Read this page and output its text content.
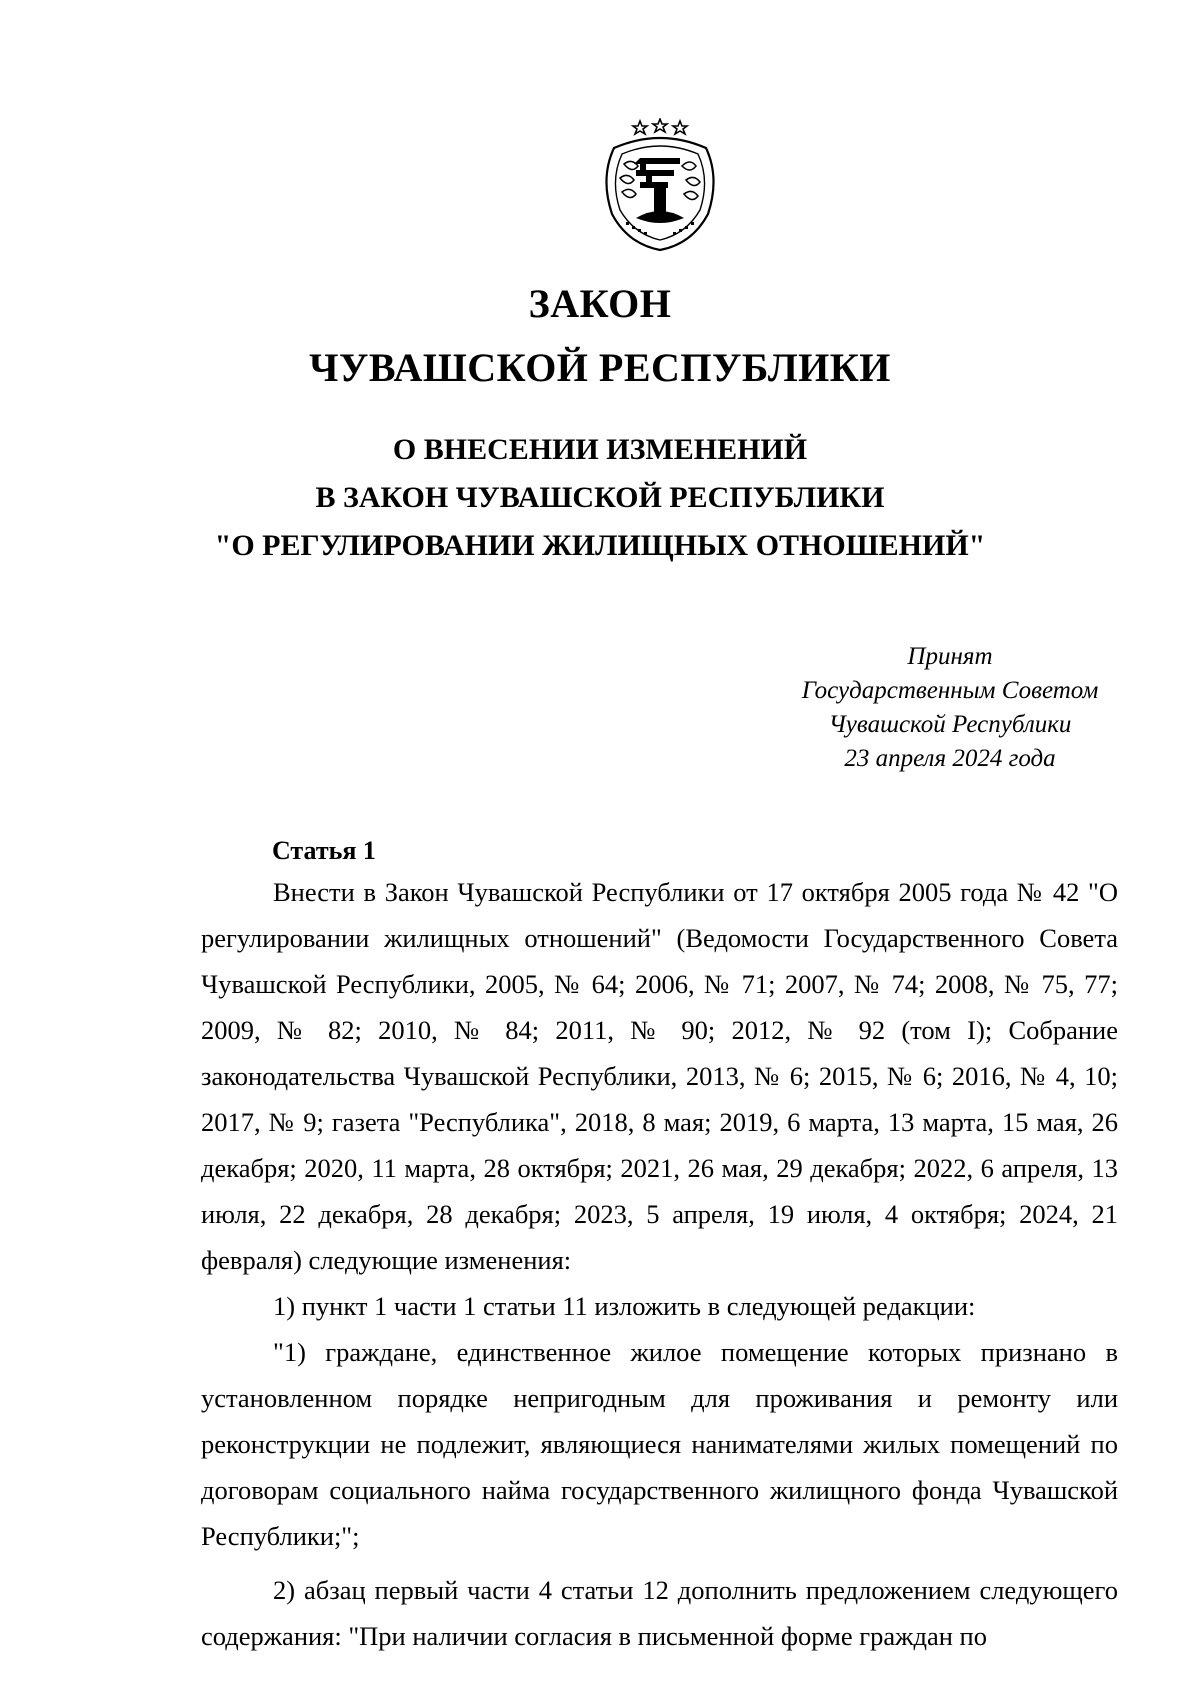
ЗАКОН
ЧУВАШСКОЙ РЕСПУБЛИКИ
О ВНЕСЕНИИ ИЗМЕНЕНИЙ
В ЗАКОН ЧУВАШСКОЙ РЕСПУБЛИКИ
"О РЕГУЛИРОВАНИИ ЖИЛИЩНЫХ ОТНОШЕНИЙ"
Принят
Государственным Советом
Чувашской Республики
23 апреля 2024 года
Статья 1

Внести в Закон Чувашской Республики от 17 октября 2005 года № 42 "О регулировании жилищных отношений" (Ведомости Государственного Совета Чувашской Республики, 2005, № 64; 2006, № 71; 2007, № 74; 2008, № 75, 77; 2009, № 82; 2010, № 84; 2011, № 90; 2012, № 92 (том I); Собрание законодательства Чувашской Республики, 2013, № 6; 2015, № 6; 2016, № 4, 10; 2017, № 9; газета "Республика", 2018, 8 мая; 2019, 6 марта, 13 марта, 15 мая, 26 декабря; 2020, 11 марта, 28 октября; 2021, 26 мая, 29 декабря; 2022, 6 апреля, 13 июля, 22 декабря, 28 декабря; 2023, 5 апреля, 19 июля, 4 октября; 2024, 21 февраля) следующие изменения:

1) пункт 1 части 1 статьи 11 изложить в следующей редакции:

"1) граждане, единственное жилое помещение которых признано в установленном порядке непригодным для проживания и ремонту или реконструкции не подлежит, являющиеся нанимателями жилых помещений по договорам социального найма государственного жилищного фонда Чувашской Республики;";

2) абзац первый части 4 статьи 12 дополнить предложением следующего содержания: "При наличии согласия в письменной форме граждан по
